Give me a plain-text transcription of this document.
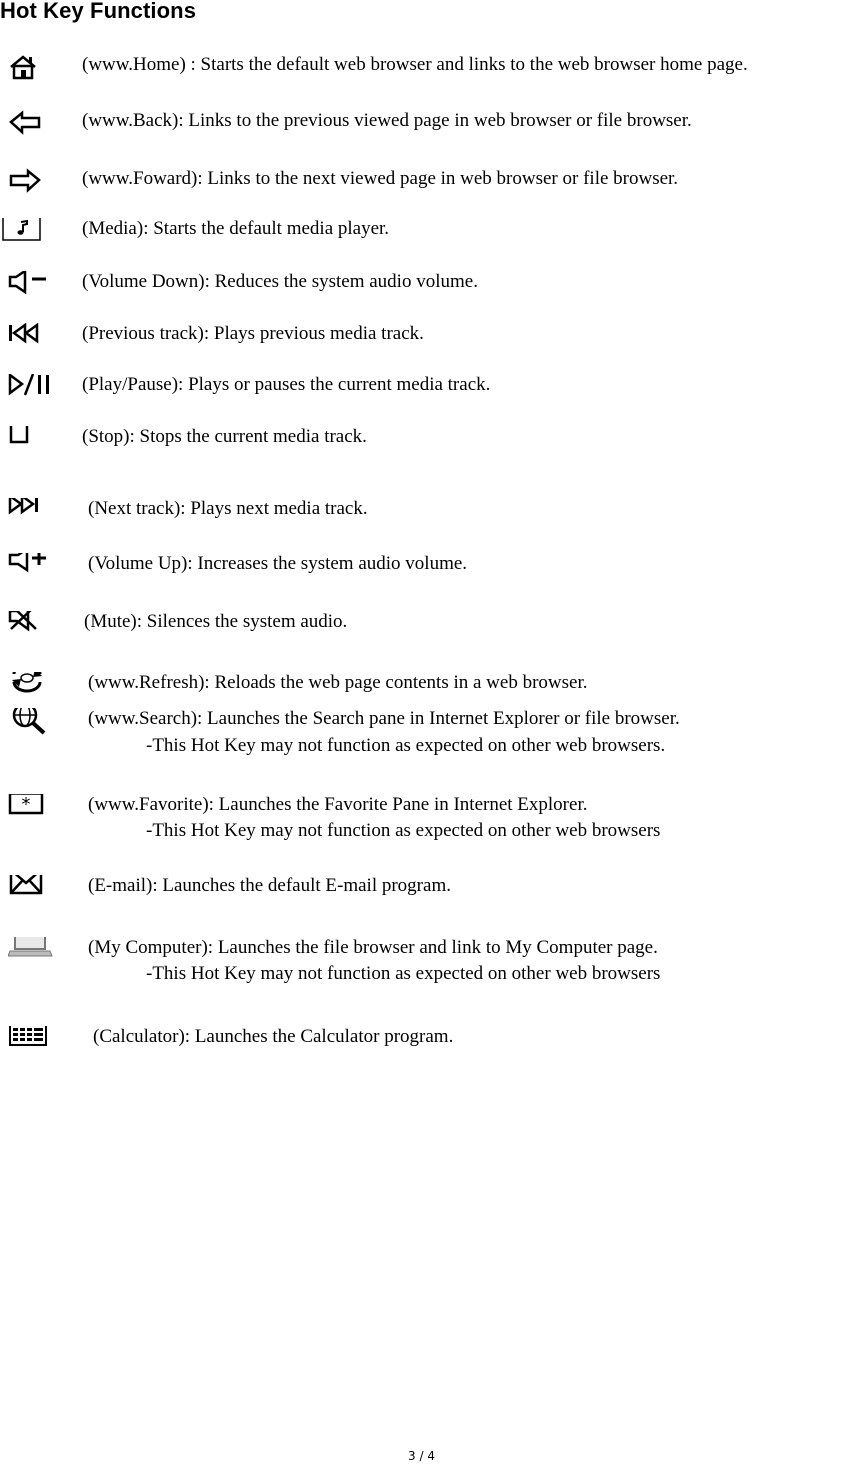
Hot Key Functions
(www.Home) : Starts the default web browser and links to the web browser home page.
(www.Back): Links to the previous viewed page in web browser or file browser.
(www.Foward): Links to the next viewed page in web browser or file browser.
(Media): Starts the default media player.
(Volume Down): Reduces the system audio volume.
(Previous track): Plays previous media track.
(Play/Pause): Plays or pauses the current media track.
(Stop): Stops the current media track.
(Next track): Plays next media track.
(Volume Up): Increases the system audio volume.
(Mute): Silences the system audio.
(www.Refresh): Reloads the web page contents in a web browser.
(www.Search): Launches the Search pane in Internet Explorer or file browser.
-This Hot Key may not function as expected on other web browsers.
*	(www.Favorite): Launches the Favorite Pane in Internet Explorer.
-This Hot Key may not function as expected on other web browsers
(E-mail): Launches the default E-mail program.
(My Computer): Launches the file browser and link to My Computer page.
-This Hot Key may not function as expected on other web browsers
(Calculator): Launches the Calculator program.
3 / 4
